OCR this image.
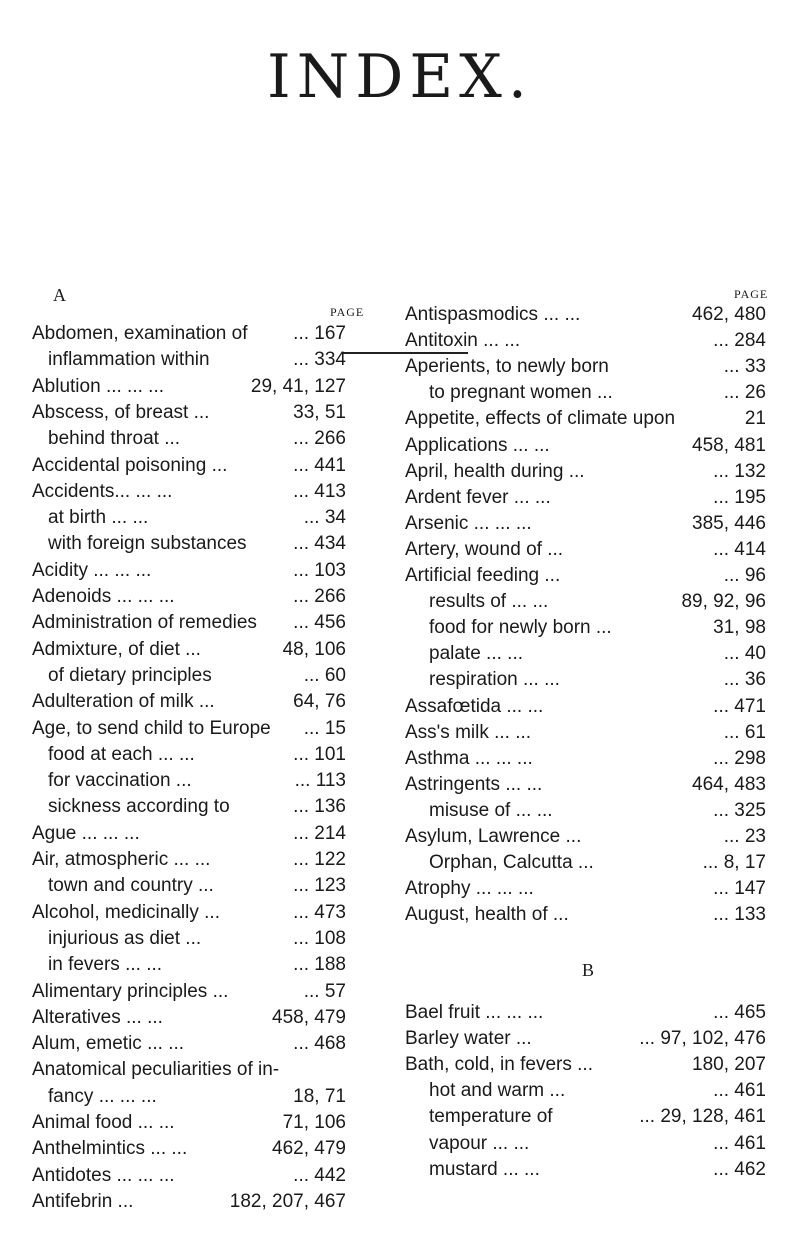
INDEX.
A
PAGE
PAGE
B
Abdomen, examination of ... 167
inflammation within	... 334
Ablution ... ... ...	29, 41, 127
Abscess, of breast ...	33, 51
behind throat ...	... 266
Accidental poisoning ...	... 441
Accidents... ... ...	... 413
at birth ... ...	... 34
with foreign substances ... 434
Acidity ... ... ...	... 103
Adenoids ... ... ...	... 266
Administration of remedies ... 456
Admixture, of diet ...	48, 106
of dietary principles	... 60
Adulteration of milk ...	64, 76
Age, to send child to Europe ... 15
food at each ... ...	... 101
for vaccination ...	... 113
sickness according to	... 136
Ague ... ... ...	... 214
Air, atmospheric ... ...	... 122
town and country ...	... 123
Alcohol, medicinally ...	... 473
injurious as diet ...	... 108
in fevers ... ...	... 188
Alimentary principles ...	... 57
Alteratives ... ...	458, 479
Alum, emetic ... ...	... 468
Anatomical peculiarities of in-
fancy ... ... ...	18, 71
Animal food ... ...	71, 106
Anthelmintics ... ...	462, 479
Antidotes ... ... ...	... 442
Antifebrin ...	182, 207, 467
Antispasmodics ... ...	462, 480
Antitoxin ... ...	... 284
Aperients, to newly born	... 33
to pregnant women ...	... 26
Appetite, effects of climate upon	21
Applications ... ...	458, 481
April, health during ...	... 132
Ardent fever ... ...	... 195
Arsenic ... ... ...	385, 446
Artery, wound of ...	... 414
Artificial feeding ...	... 96
results of ... ...	89, 92, 96
food for newly born ...	31, 98
palate ... ...	... 40
respiration ... ...	... 36
Assafœtida ... ...	... 471
Ass's milk ... ...	... 61
Asthma ... ... ...	... 298
Astringents ... ...	464, 483
misuse of ... ...	... 325
Asylum, Lawrence ...	... 23
Orphan, Calcutta ...	... 8, 17
Atrophy ... ... ...	... 147
August, health of ...	... 133
Bael fruit ... ... ...	... 465
Barley water ...	... 97, 102, 476
Bath, cold, in fevers ...	180, 207
hot and warm ...	... 461
temperature of	... 29, 128, 461
vapour ... ...	... 461
mustard ... ...	... 462
